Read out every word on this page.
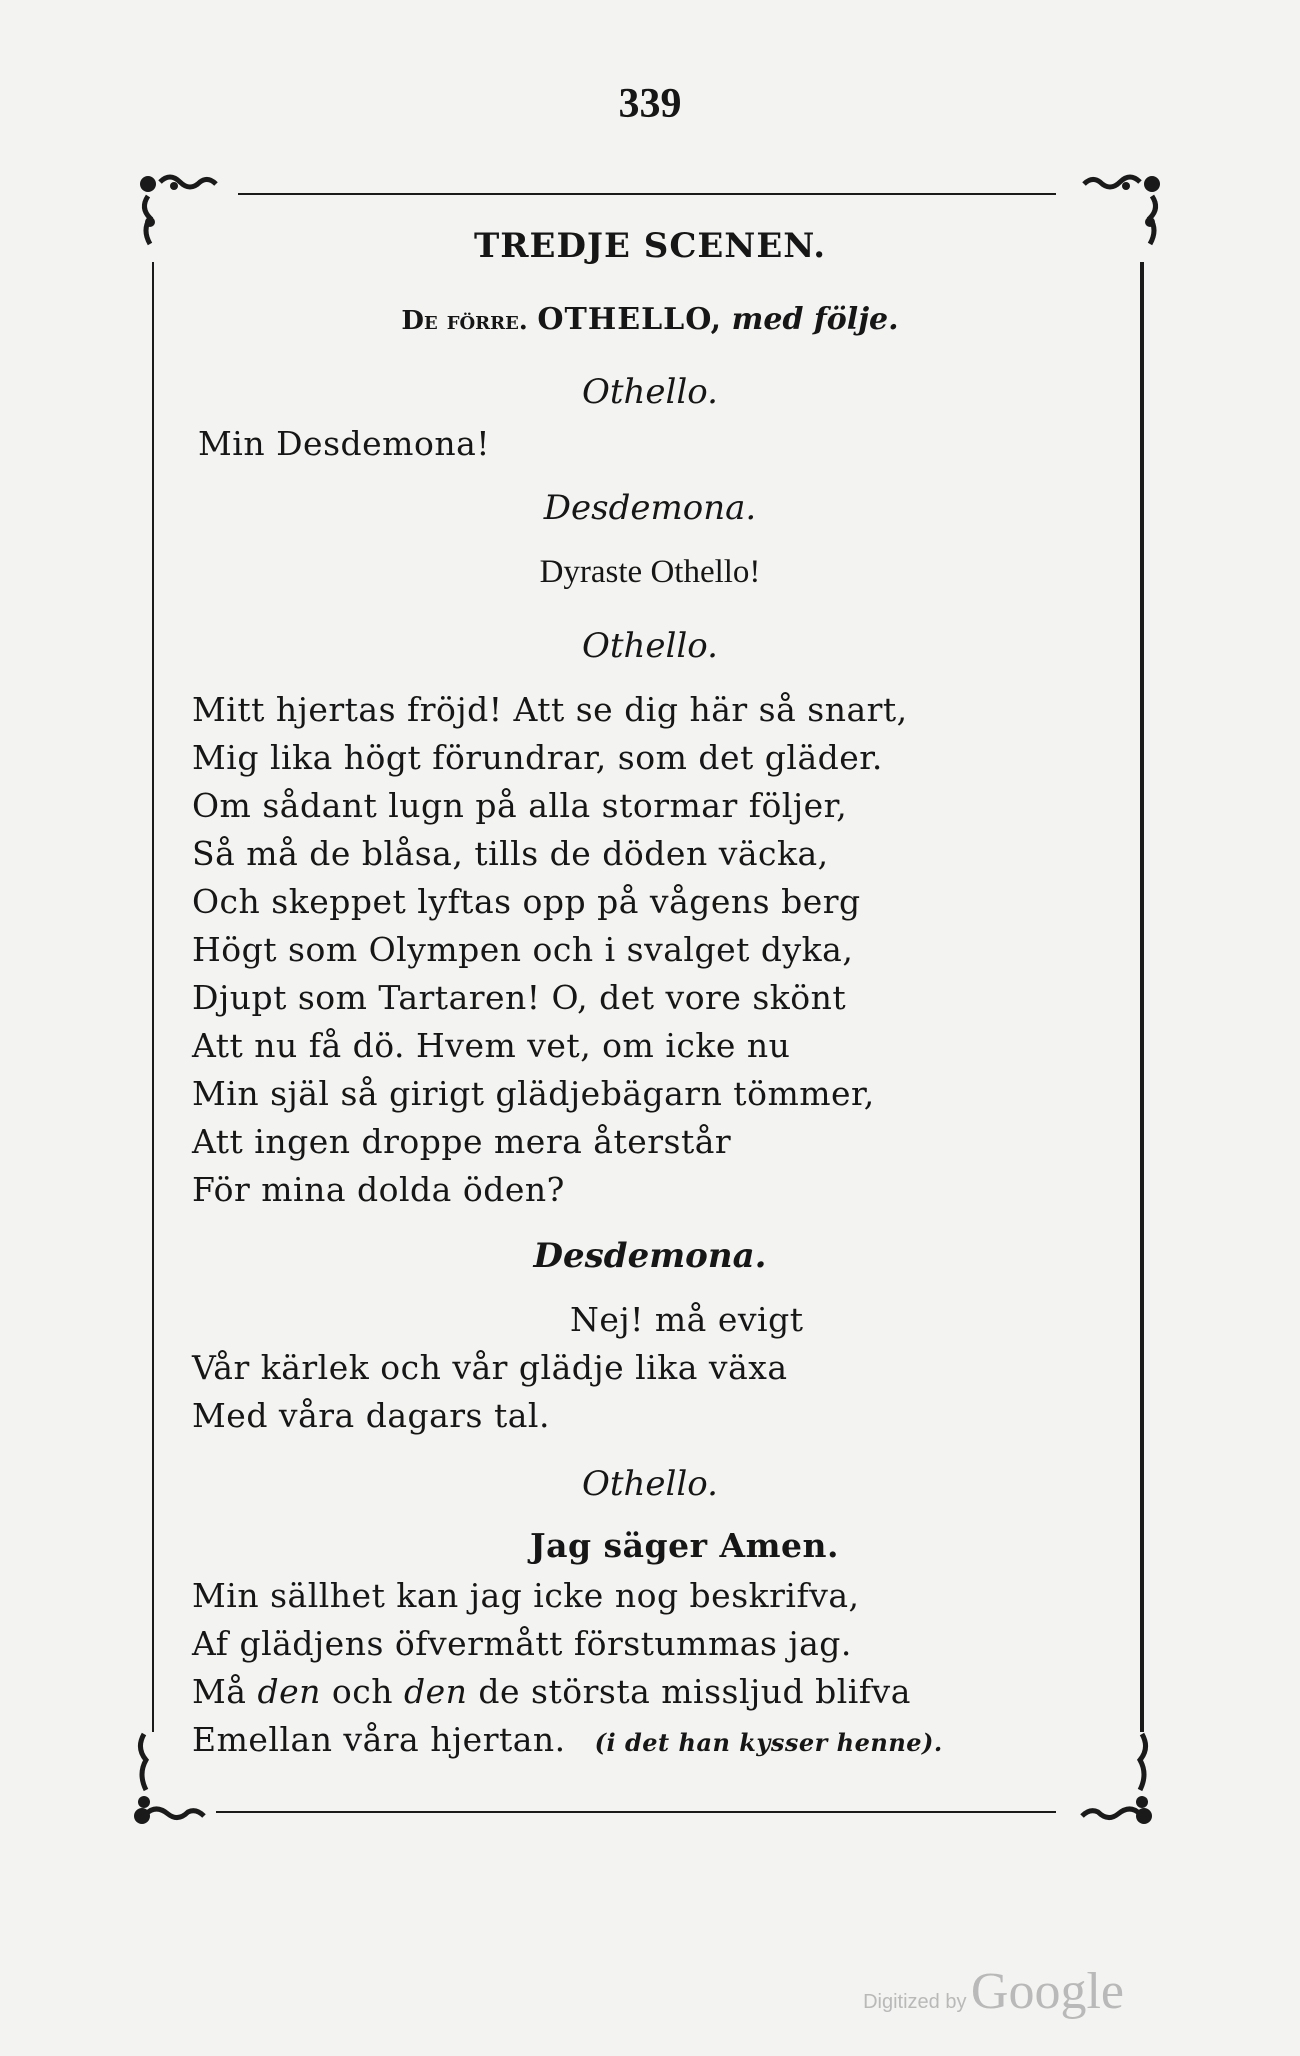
339
TREDJE SCENEN.
De förre. OTHELLO, med följe.
Othello.
Min Desdemona!
Desdemona.
Dyraste Othello!
Othello.
Mitt hjertas fröjd! Att se dig här så snart,
Mig lika högt förundrar, som det gläder.
Om sådant lugn på alla stormar följer,
Så må de blåsa, tills de döden väcka,
Och skeppet lyftas opp på vågens berg
Högt som Olympen och i svalget dyka,
Djupt som Tartaren! O, det vore skönt
Att nu få dö. Hvem vet, om icke nu
Min själ så girigt glädjebägarn tömmer,
Att ingen droppe mera återstår
För mina dolda öden?
Desdemona.
Nej! må evigt
Vår kärlek och vår glädje lika växa
Med våra dagars tal.
Othello.
Jag säger Amen.
Min sällhet kan jag icke nog beskrifva,
Af glädjens öfvermått förstummas jag.
Må den och den de största missljud blifva
Emellan våra hjertan. (i det han kysser henne).
Digitized by Google
